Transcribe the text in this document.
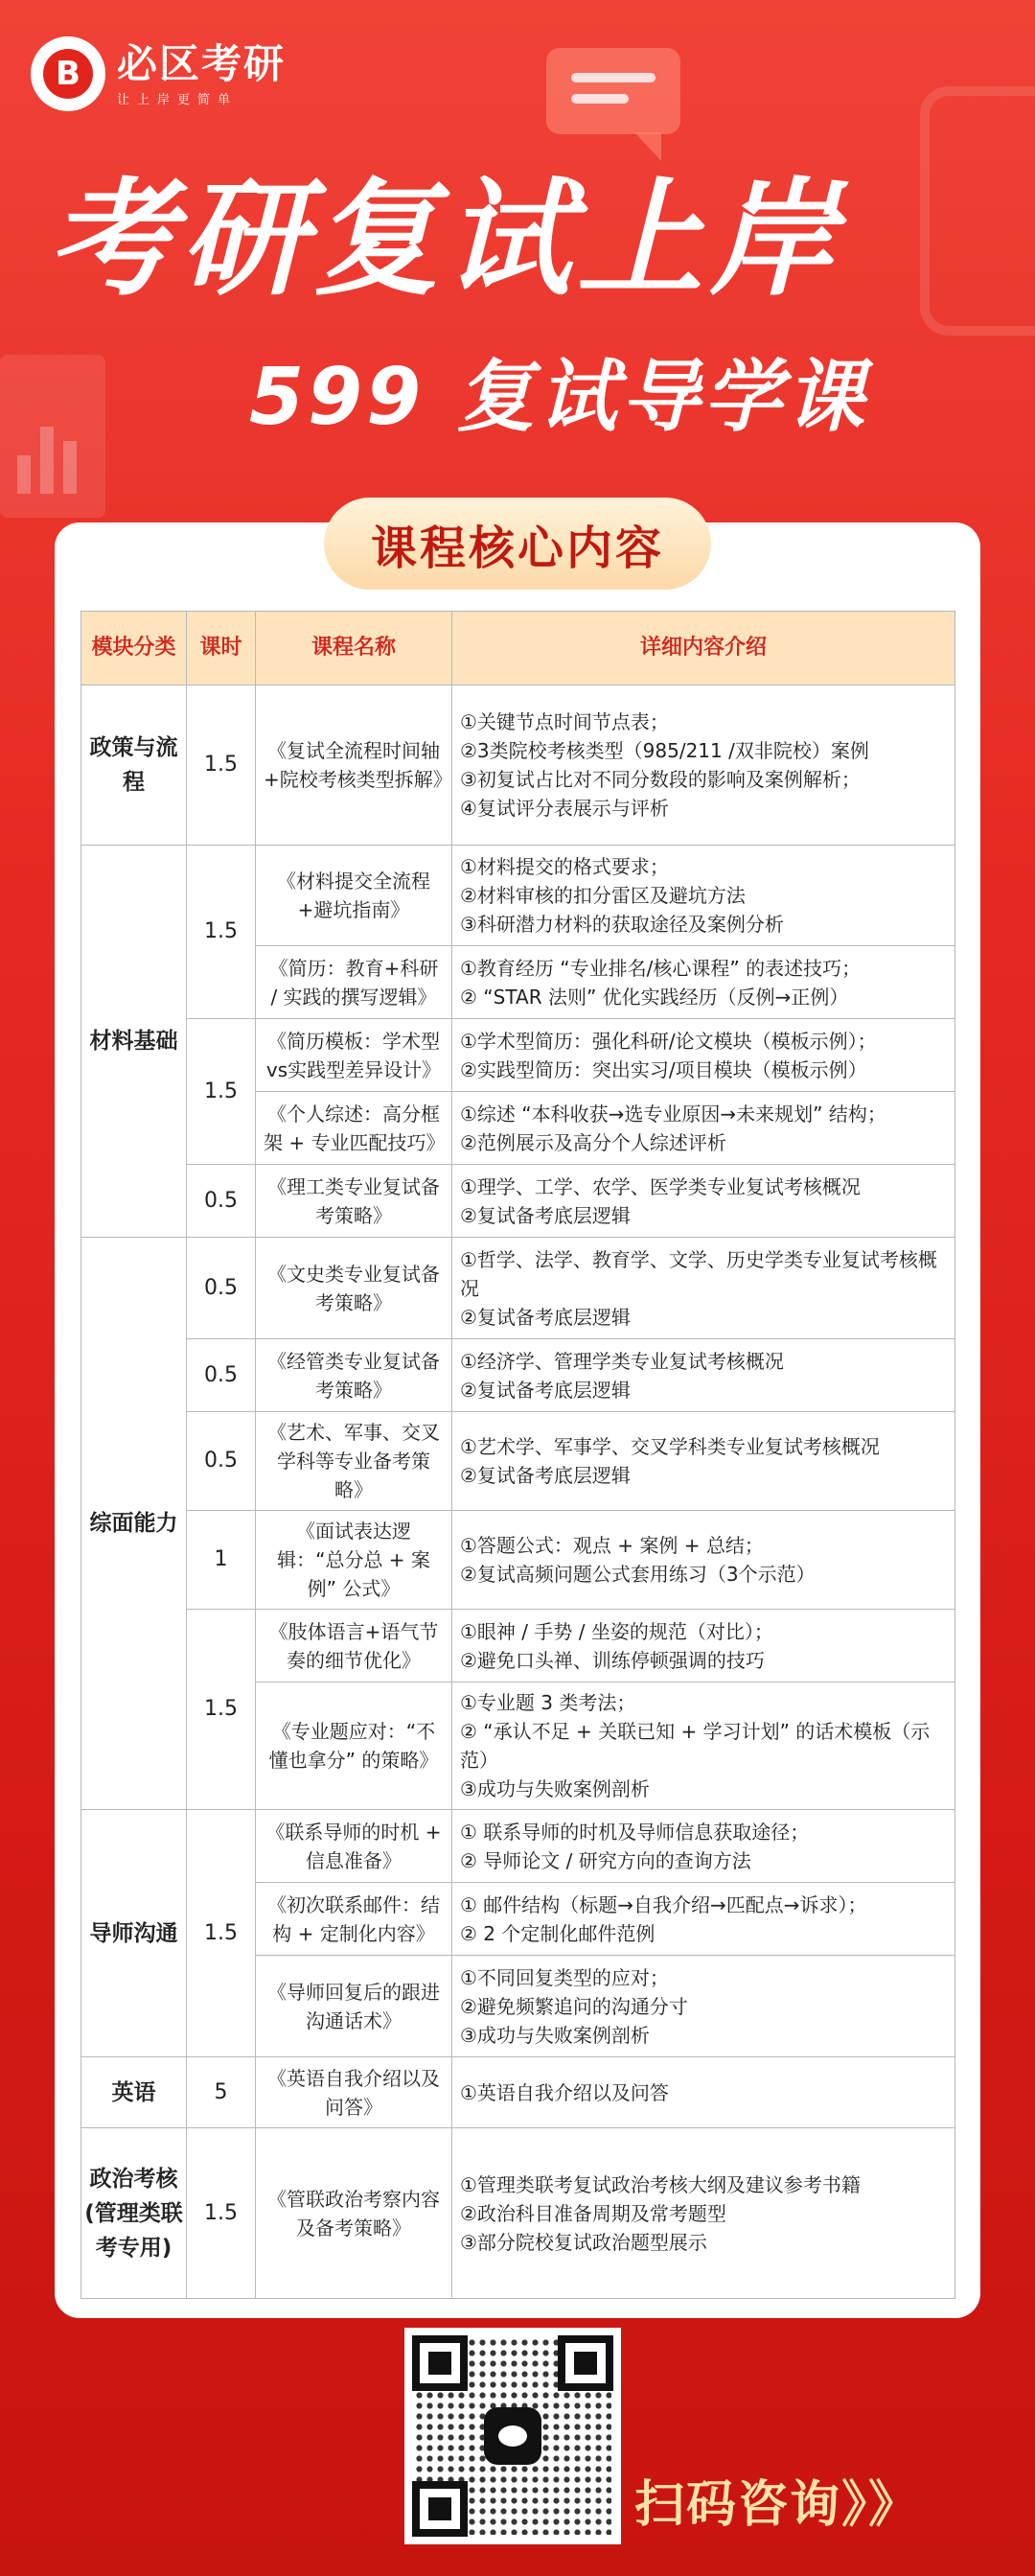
B 必区考研
让上岸更简单
考研复试上岸
599 复试导学课
课程核心内容
模块分类	课时	课程名称	详细内容介绍
政策与流程	1.5	《复试全流程时间轴+院校考核类型拆解》	①关键节点时间节点表；
②3类院校考核类型（985/211 /双非院校）案例
③初复试占比对不同分数段的影响及案例解析；
④复试评分表展示与评析

材料基础	1.5	《材料提交全流程+避坑指南》	①材料提交的格式要求；
②材料审核的扣分雷区及避坑方法
③科研潜力材料的获取途径及案例分析

		《简历：教育+科研 / 实践的撰写逻辑》	①教育经历 “专业排名/核心课程” 的表述技巧；
② “STAR 法则” 优化实践经历（反例→正例）

	1.5	《简历模板：学术型vs实践型差异设计》	①学术型简历：强化科研/论文模块（模板示例）；
②实践型简历：突出实习/项目模块（模板示例）

		《个人综述：高分框架 + 专业匹配技巧》	①综述 “本科收获→选专业原因→未来规划” 结构；
②范例展示及高分个人综述评析

	0.5	《理工类专业复试备考策略》	①理学、工学、农学、医学类专业复试考核概况
②复试备考底层逻辑

综面能力	0.5	《文史类专业复试备考策略》	①哲学、法学、教育学、文学、历史学类专业复试考核概况
②复试备考底层逻辑

	0.5	《经管类专业复试备考策略》	①经济学、管理学类专业复试考核概况
②复试备考底层逻辑

	0.5	《艺术、军事、交叉学科等专业备考策略》	①艺术学、军事学、交叉学科类专业复试考核概况
②复试备考底层逻辑

	1	《面试表达逻辑：“总分总 + 案例” 公式》	①答题公式：观点 + 案例 + 总结；
②复试高频问题公式套用练习（3个示范）

	1.5	《肢体语言+语气节奏的细节优化》	①眼神 / 手势 / 坐姿的规范（对比）；
②避免口头禅、训练停顿强调的技巧

		《专业题应对：“不懂也拿分” 的策略》	①专业题 3 类考法；
② “承认不足 + 关联已知 + 学习计划” 的话术模板（示范）
③成功与失败案例剖析

导师沟通	1.5	《联系导师的时机 + 信息准备》	① 联系导师的时机及导师信息获取途径；
② 导师论文 / 研究方向的查询方法

		《初次联系邮件：结构 + 定制化内容》	① 邮件结构（标题→自我介绍→匹配点→诉求）；
② 2 个定制化邮件范例

		《导师回复后的跟进沟通话术》	①不同回复类型的应对；
②避免频繁追问的沟通分寸
③成功与失败案例剖析

英语	5	《英语自我介绍以及问答》	①英语自我介绍以及问答

政治考核(管理类联考专用)	1.5	《管联政治考察内容及备考策略》	①管理类联考复试政治考核大纲及建议参考书籍
②政治科目准备周期及常考题型
③部分院校复试政治题型展示
扫码咨询》》
